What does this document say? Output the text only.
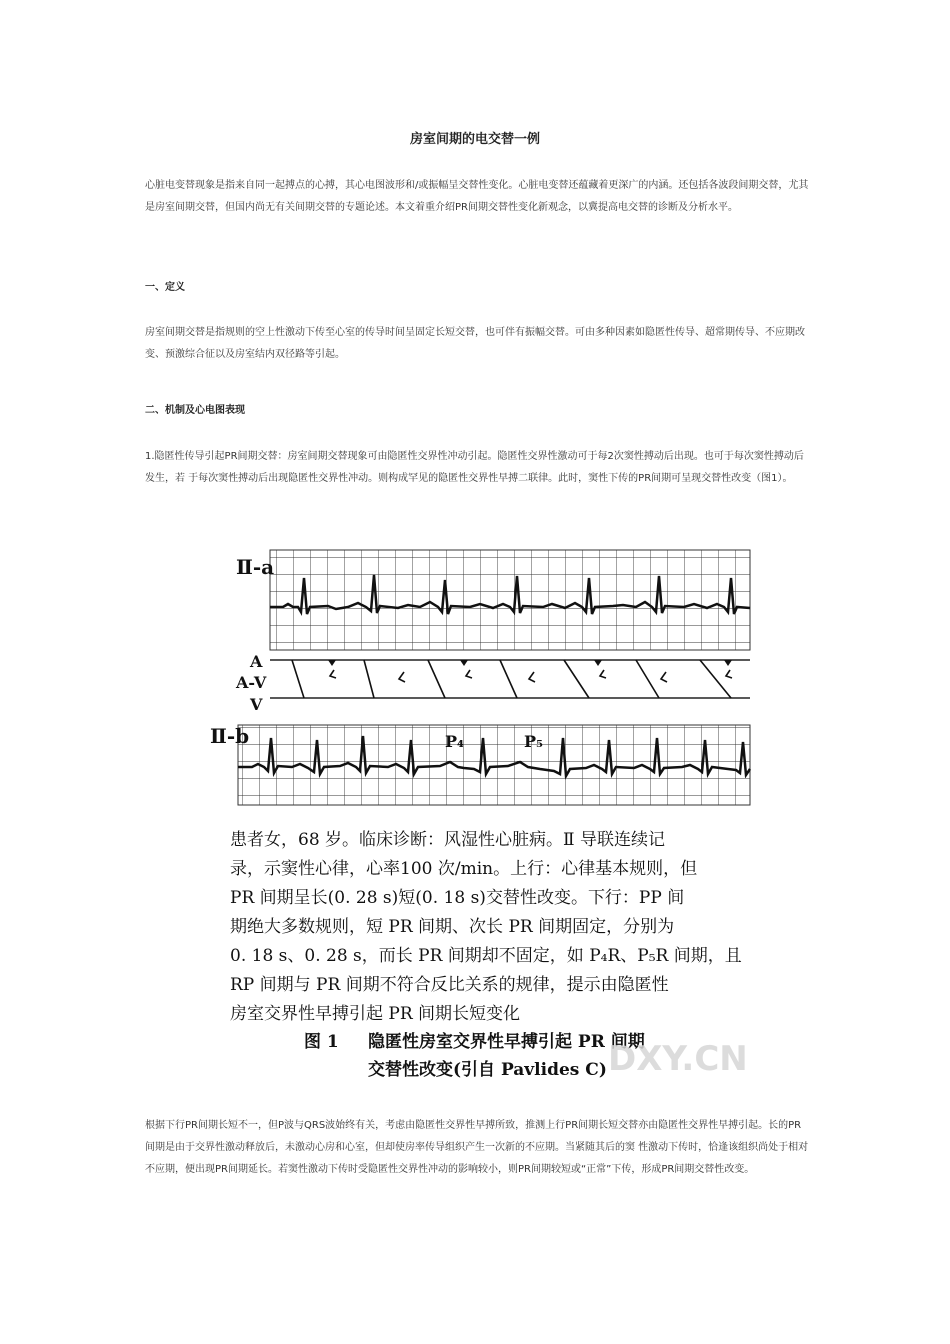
房室间期的电交替一例
心脏电变替现象是指来自同一起搏点的心搏，其心电图波形和/或振幅呈交替性变化。心脏电变替还蕴藏着更深广的内涵。还包括各波段间期交替，尤其是房室间期交替，但国内尚无有关间期交替的专题论述。本文着重介绍PR间期交替性变化新观念，以冀提高电交替的诊断及分析水平。
一、定义
房室间期交替是指规则的空上性激动下传至心室的传导时间呈固定长短交替，也可伴有振幅交替。可由多种因素如隐匿性传导、超常期传导、不应期改变、预激综合征以及房室结内双径路等引起。
二、机制及心电图表现
1.隐匿性传导引起PR间期交替：房室间期交替现象可由隐匿性交界性冲动引起。隐匿性交界性激动可于每2次窦性搏动后出现。也可于每次窦性搏动后发生，若 于每次窦性搏动后出现隐匿性交界性冲动。则构成罕见的隐匿性交界性早搏二联律。此时，窦性下传的PR间期可呈现交替性改变（图1）。
Ⅱ-a
A
A-V
V
Ⅱ-b	P₄	P₅
患者女，68 岁。临床诊断：风湿性心脏病。Ⅱ 导联连续记
录，示窦性心律，心率100 次/min。上行：心律基本规则，但
PR 间期呈长(0. 28 s)短(0. 18 s)交替性改变。下行：PP 间
期绝大多数规则，短 PR 间期、次长 PR 间期固定，分别为
0. 18 s、0. 28 s，而长 PR 间期却不固定，如 P₄R、P₅R 间期，且
RP 间期与 PR 间期不符合反比关系的规律，提示由隐匿性
房室交界性早搏引起 PR 间期长短变化
图 1 隐匿性房室交界性早搏引起 PR 间期
交替性改变(引自 Pavlides C) DXY.CN
根据下行PR间期长短不一，但P波与QRS波始终有关，考虑由隐匿性交界性早搏所致，推测上行PR间期长短交替亦由隐匿性交界性早搏引起。长的PR间期是由于交界性激动释放后，未激动心房和心室，但却使房率传导组织产生一次新的不应期。当紧随其后的窦 性激动下传时，恰逢该组织尚处于相对不应期，便出现PR间期延长。若窦性激动下传时受隐匿性交界性冲动的影响较小，则PR间期较短或“正常”下传，形成PR间期交替性改变。
